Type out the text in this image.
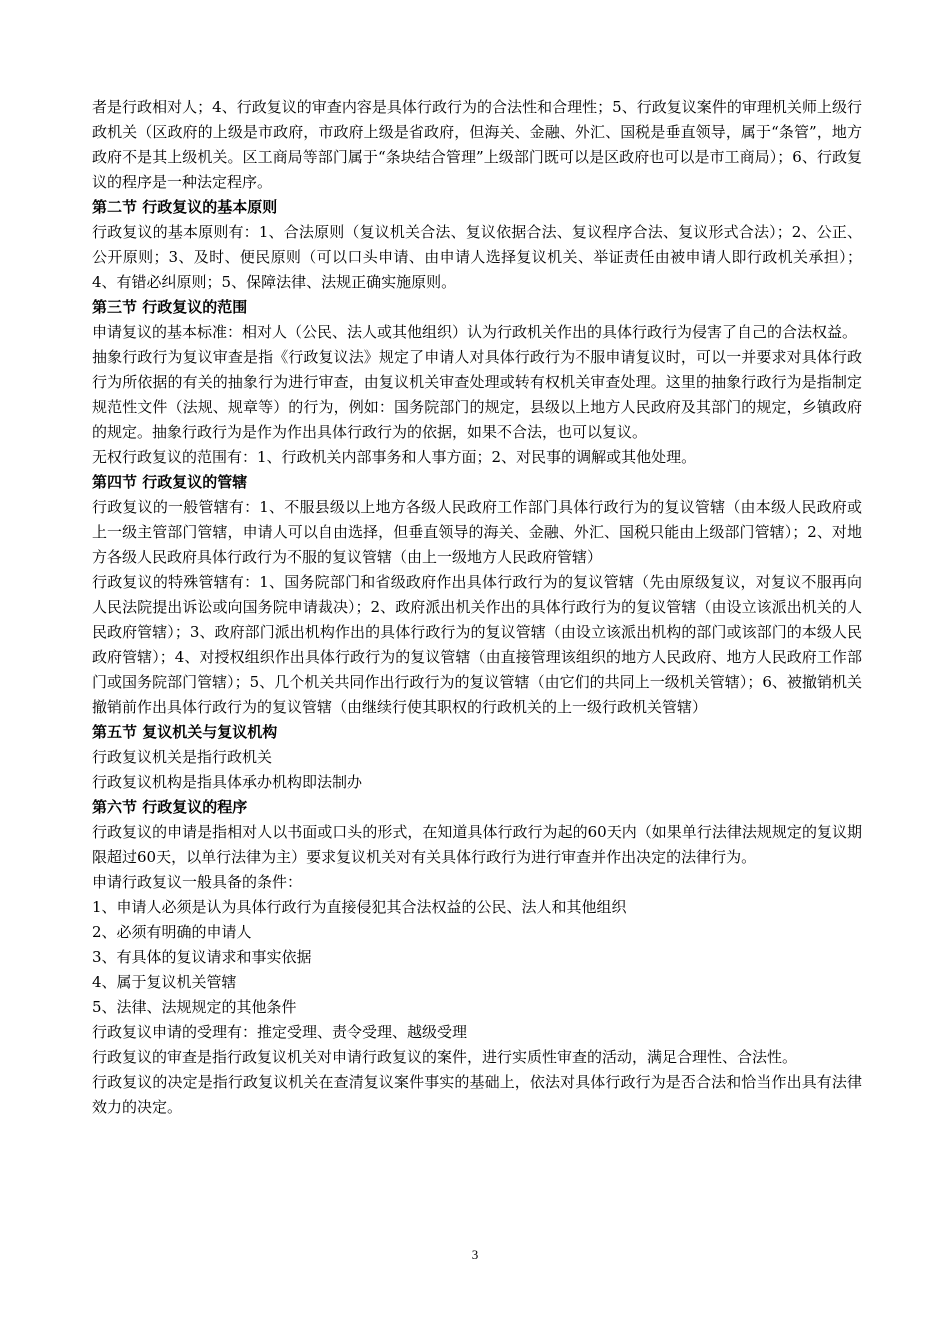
者是行政相对人；4、行政复议的审查内容是具体行政行为的合法性和合理性；5、行政复议案件的审理机关师上级行政机关（区政府的上级是市政府，市政府上级是省政府，但海关、金融、外汇、国税是垂直领导，属于“条管”，地方政府不是其上级机关。区工商局等部门属于“条块结合管理”上级部门既可以是区政府也可以是市工商局）；6、行政复议的程序是一种法定程序。

第二节 行政复议的基本原则

行政复议的基本原则有：1、合法原则（复议机关合法、复议依据合法、复议程序合法、复议形式合法）；2、公正、公开原则；3、及时、便民原则（可以口头申请、由申请人选择复议机关、举证责任由被申请人即行政机关承担）；4、有错必纠原则；5、保障法律、法规正确实施原则。

第三节 行政复议的范围

申请复议的基本标准：相对人（公民、法人或其他组织）认为行政机关作出的具体行政行为侵害了自己的合法权益。

抽象行政行为复议审查是指《行政复议法》规定了申请人对具体行政行为不服申请复议时，可以一并要求对具体行政行为所依据的有关的抽象行为进行审查，由复议机关审查处理或转有权机关审查处理。这里的抽象行政行为是指制定规范性文件（法规、规章等）的行为，例如：国务院部门的规定，县级以上地方人民政府及其部门的规定，乡镇政府的规定。抽象行政行为是作为作出具体行政行为的依据，如果不合法，也可以复议。

无权行政复议的范围有：1、行政机关内部事务和人事方面；2、对民事的调解或其他处理。

第四节 行政复议的管辖

行政复议的一般管辖有：1、不服县级以上地方各级人民政府工作部门具体行政行为的复议管辖（由本级人民政府或上一级主管部门管辖，申请人可以自由选择，但垂直领导的海关、金融、外汇、国税只能由上级部门管辖）；2、对地方各级人民政府具体行政行为不服的复议管辖（由上一级地方人民政府管辖）

行政复议的特殊管辖有：1、国务院部门和省级政府作出具体行政行为的复议管辖（先由原级复议，对复议不服再向人民法院提出诉讼或向国务院申请裁决）；2、政府派出机关作出的具体行政行为的复议管辖（由设立该派出机关的人民政府管辖）；3、政府部门派出机构作出的具体行政行为的复议管辖（由设立该派出机构的部门或该部门的本级人民政府管辖）；4、对授权组织作出具体行政行为的复议管辖（由直接管理该组织的地方人民政府、地方人民政府工作部门或国务院部门管辖）；5、几个机关共同作出行政行为的复议管辖（由它们的共同上一级机关管辖）；6、被撤销机关撤销前作出具体行政行为的复议管辖（由继续行使其职权的行政机关的上一级行政机关管辖）

第五节 复议机关与复议机构

行政复议机关是指行政机关

行政复议机构是指具体承办机构即法制办

第六节 行政复议的程序

行政复议的申请是指相对人以书面或口头的形式，在知道具体行政行为起的60天内（如果单行法律法规规定的复议期限超过60天，以单行法律为主）要求复议机关对有关具体行政行为进行审查并作出决定的法律行为。

申请行政复议一般具备的条件：

1、申请人必须是认为具体行政行为直接侵犯其合法权益的公民、法人和其他组织

2、必须有明确的申请人

3、有具体的复议请求和事实依据

4、属于复议机关管辖

5、法律、法规规定的其他条件

行政复议申请的受理有：推定受理、责令受理、越级受理

行政复议的审查是指行政复议机关对申请行政复议的案件，进行实质性审查的活动，满足合理性、合法性。

行政复议的决定是指行政复议机关在查清复议案件事实的基础上，依法对具体行政行为是否合法和恰当作出具有法律效力的决定。

3
